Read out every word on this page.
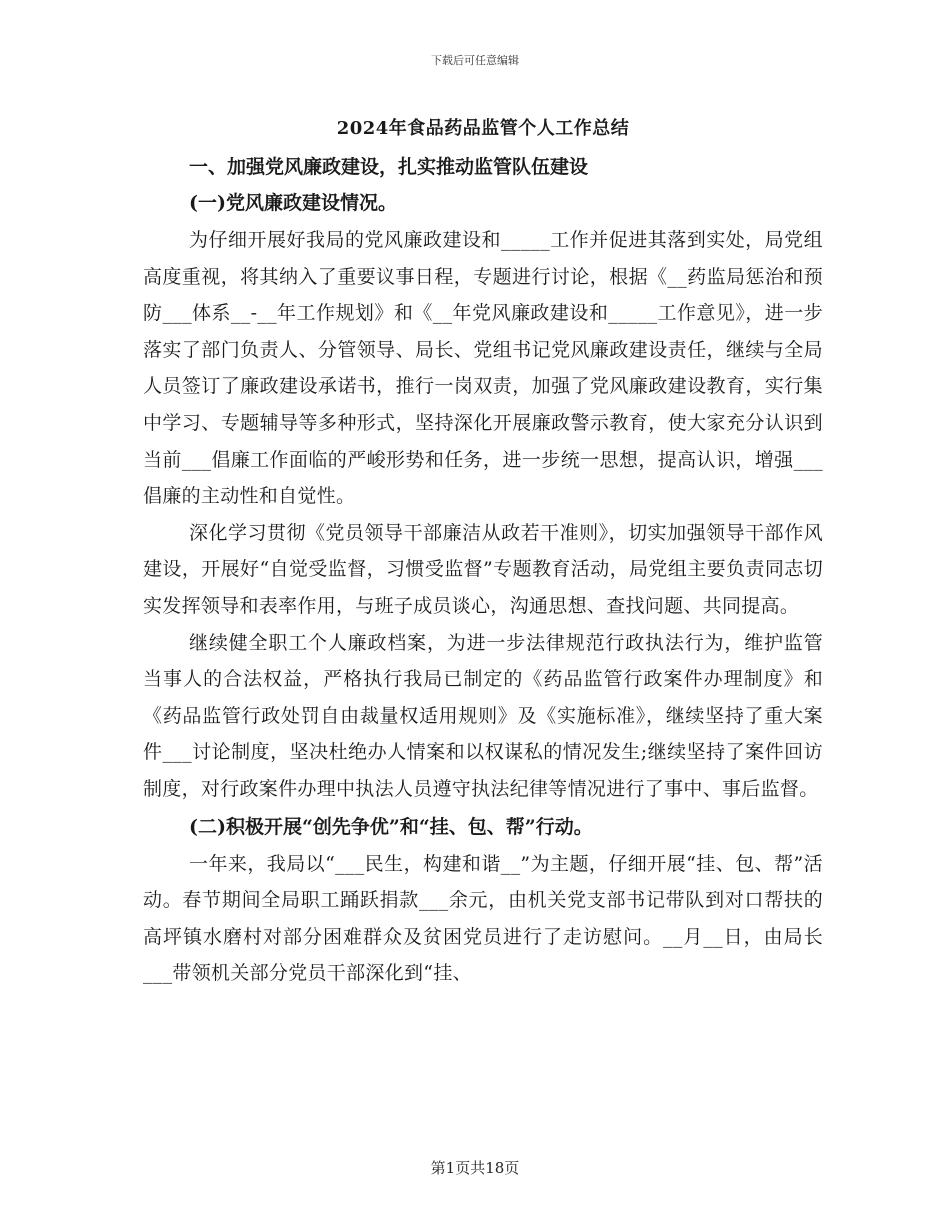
下载后可任意编辑
2024年食品药品监管个人工作总结
一、加强党风廉政建设，扎实推动监管队伍建设
(一)党风廉政建设情况。

为仔细开展好我局的党风廉政建设和_____工作并促进其落到实处，局党组高度重视，将其纳入了重要议事日程，专题进行讨论，根据《__药监局惩治和预防___体系__-__年工作规划》和《__年党风廉政建设和_____工作意见》，进一步落实了部门负责人、分管领导、局长、党组书记党风廉政建设责任，继续与全局人员签订了廉政建设承诺书，推行一岗双责，加强了党风廉政建设教育，实行集中学习、专题辅导等多种形式，坚持深化开展廉政警示教育，使大家充分认识到当前___倡廉工作面临的严峻形势和任务，进一步统一思想，提高认识，增强___倡廉的主动性和自觉性。

深化学习贯彻《党员领导干部廉洁从政若干准则》，切实加强领导干部作风建设，开展好“自觉受监督，习惯受监督”专题教育活动，局党组主要负责同志切实发挥领导和表率作用，与班子成员谈心，沟通思想、查找问题、共同提高。

继续健全职工个人廉政档案，为进一步法律规范行政执法行为，维护监管当事人的合法权益，严格执行我局已制定的《药品监管行政案件办理制度》和《药品监管行政处罚自由裁量权适用规则》及《实施标准》，继续坚持了重大案件___讨论制度，坚决杜绝办人情案和以权谋私的情况发生;继续坚持了案件回访制度，对行政案件办理中执法人员遵守执法纪律等情况进行了事中、事后监督。

(二)积极开展“创先争优”和“挂、包、帮”行动。

一年来，我局以“___民生，构建和谐__”为主题，仔细开展“挂、包、帮”活动。春节期间全局职工踊跃捐款___余元，由机关党支部书记带队到对口帮扶的高坪镇水磨村对部分困难群众及贫困党员进行了走访慰问。__月__日，由局长___带领机关部分党员干部深化到“挂、

第1页共18页
